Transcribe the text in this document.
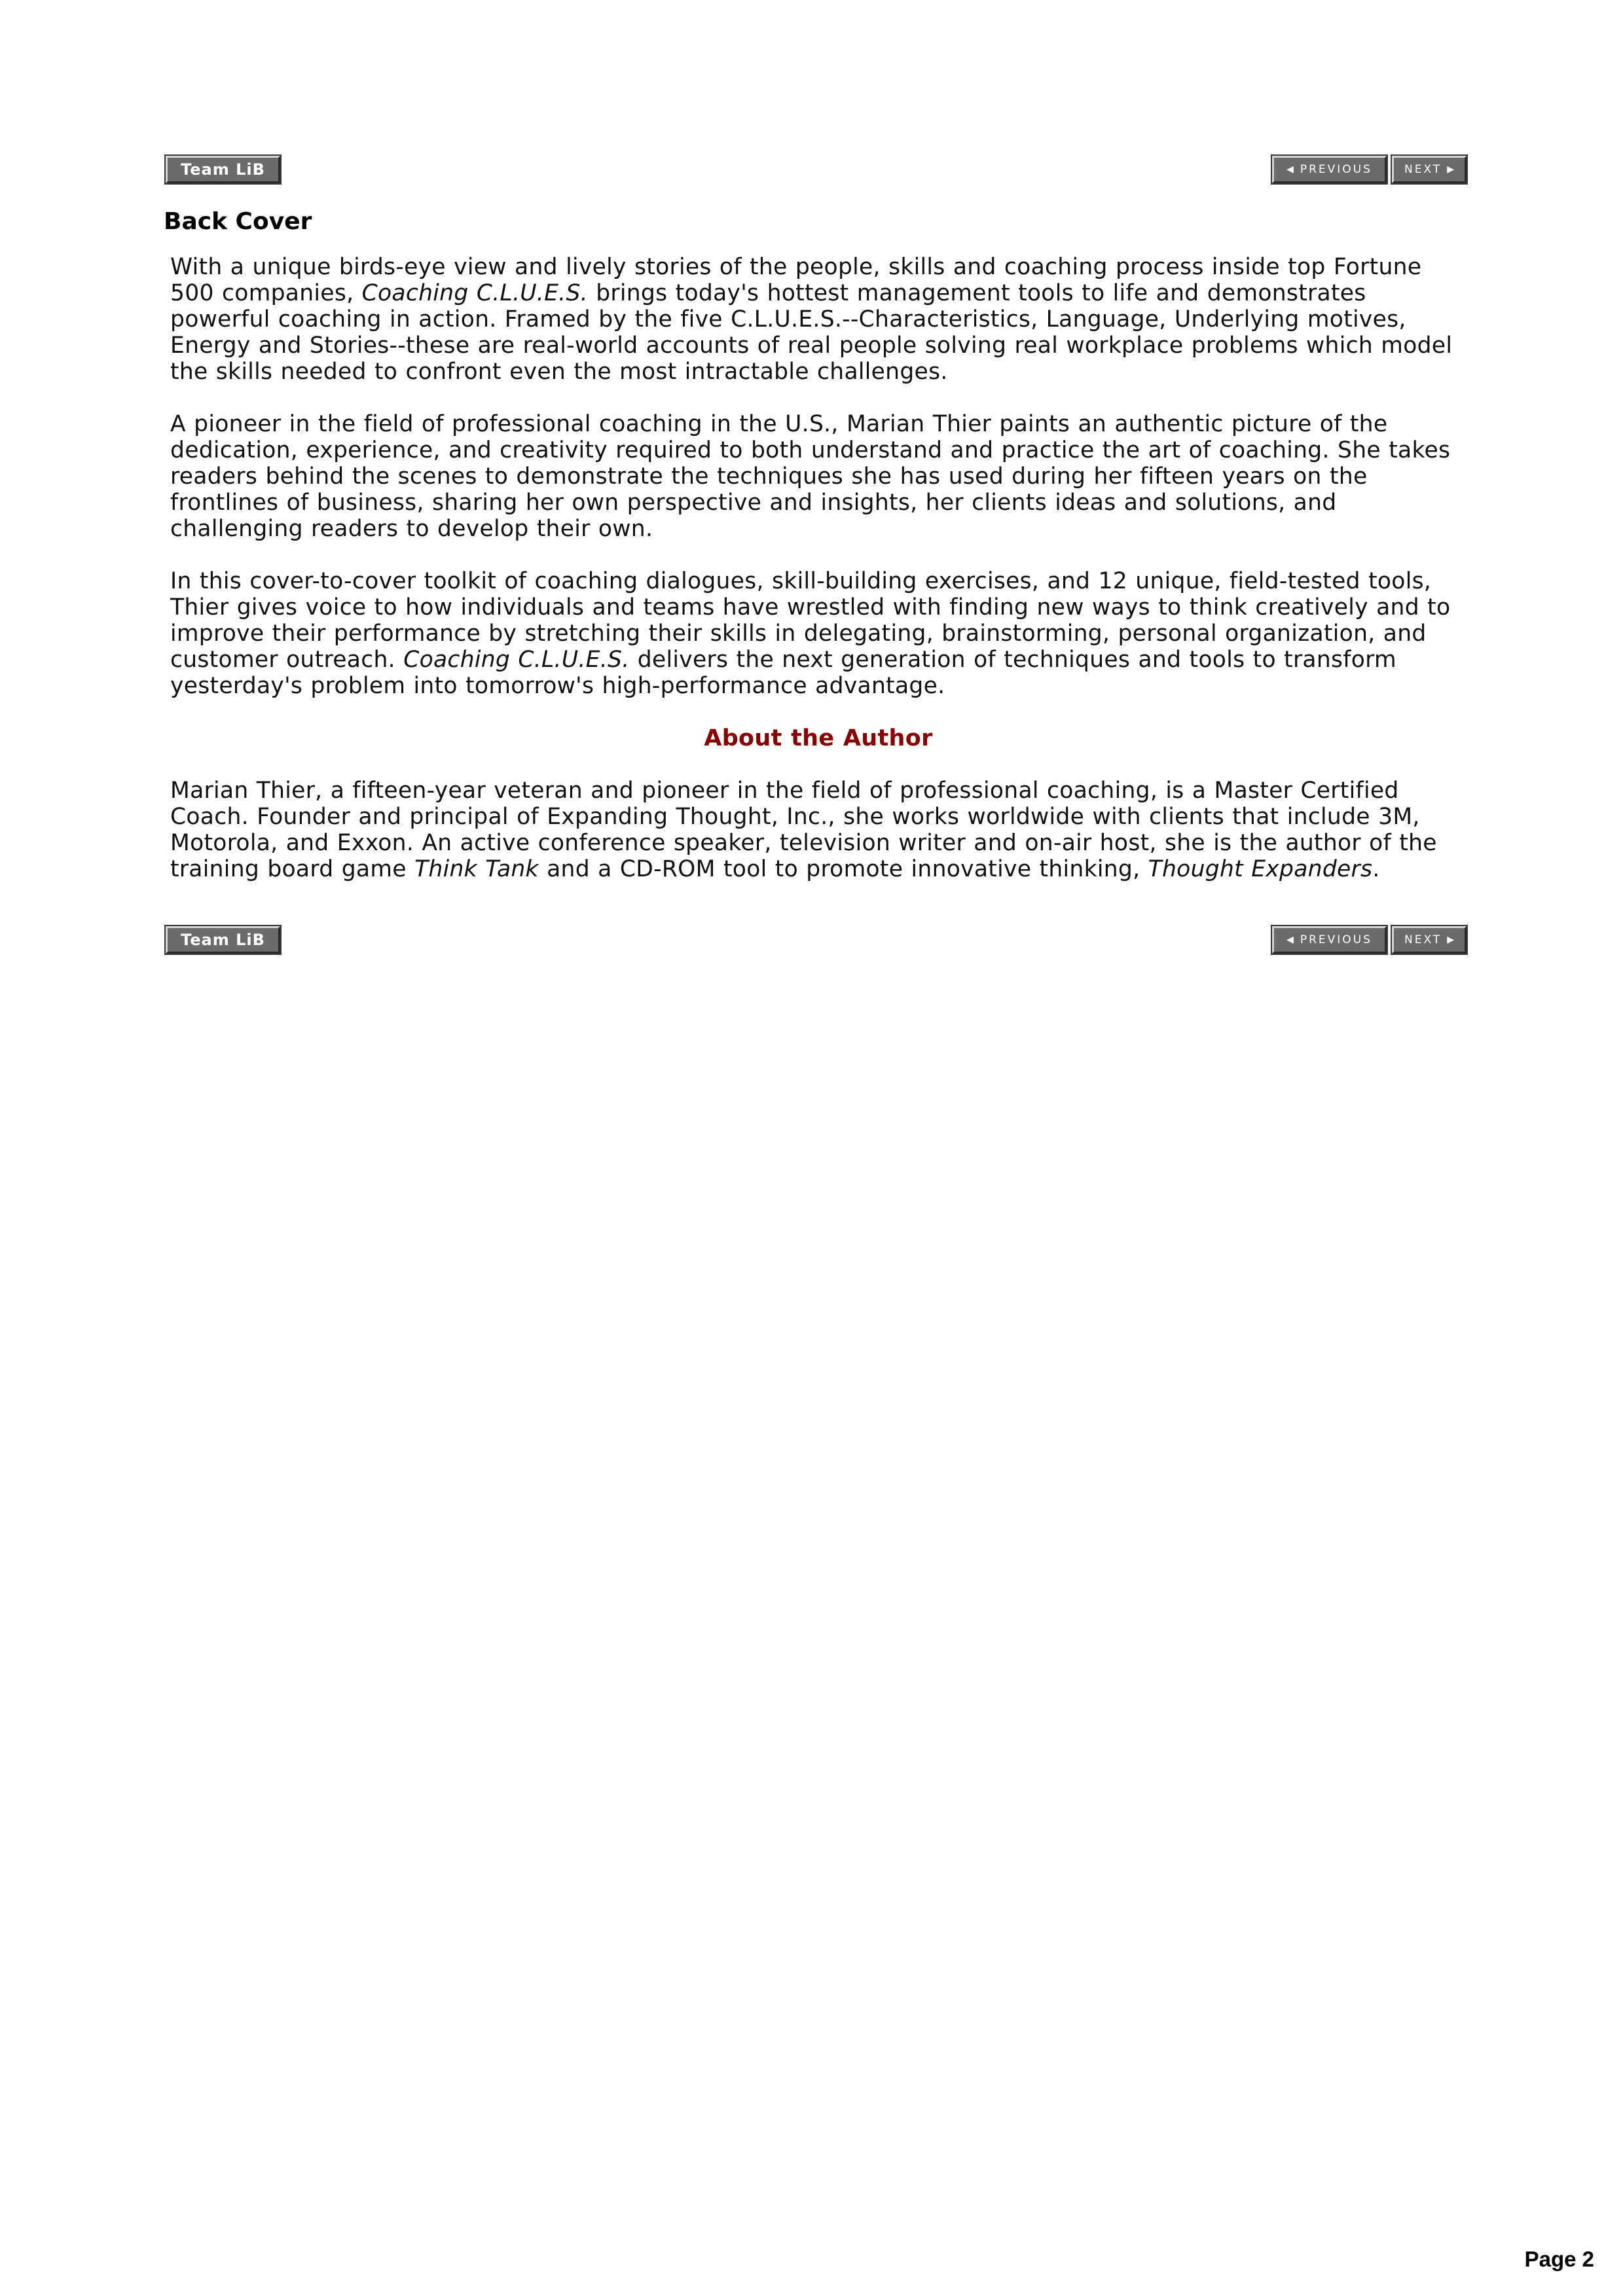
Team LiB	◀ PREVIOUS	NEXT ▶
Back Cover

With a unique birds-eye view and lively stories of the people, skills and coaching process inside top Fortune 500 companies, Coaching C.L.U.E.S. brings today's hottest management tools to life and demonstrates powerful coaching in action. Framed by the five C.L.U.E.S.--Characteristics, Language, Underlying motives, Energy and Stories--these are real-world accounts of real people solving real workplace problems which model the skills needed to confront even the most intractable challenges.

A pioneer in the field of professional coaching in the U.S., Marian Thier paints an authentic picture of the dedication, experience, and creativity required to both understand and practice the art of coaching. She takes readers behind the scenes to demonstrate the techniques she has used during her fifteen years on the frontlines of business, sharing her own perspective and insights, her clients ideas and solutions, and challenging readers to develop their own.

In this cover-to-cover toolkit of coaching dialogues, skill-building exercises, and 12 unique, field-tested tools, Thier gives voice to how individuals and teams have wrestled with finding new ways to think creatively and to improve their performance by stretching their skills in delegating, brainstorming, personal organization, and customer outreach. Coaching C.L.U.E.S. delivers the next generation of techniques and tools to transform yesterday's problem into tomorrow's high-performance advantage.

About the Author

Marian Thier, a fifteen-year veteran and pioneer in the field of professional coaching, is a Master Certified Coach. Founder and principal of Expanding Thought, Inc., she works worldwide with clients that include 3M, Motorola, and Exxon. An active conference speaker, television writer and on-air host, she is the author of the training board game Think Tank and a CD-ROM tool to promote innovative thinking, Thought Expanders.

Team LiB	◀ PREVIOUS	NEXT ▶
Page 2
